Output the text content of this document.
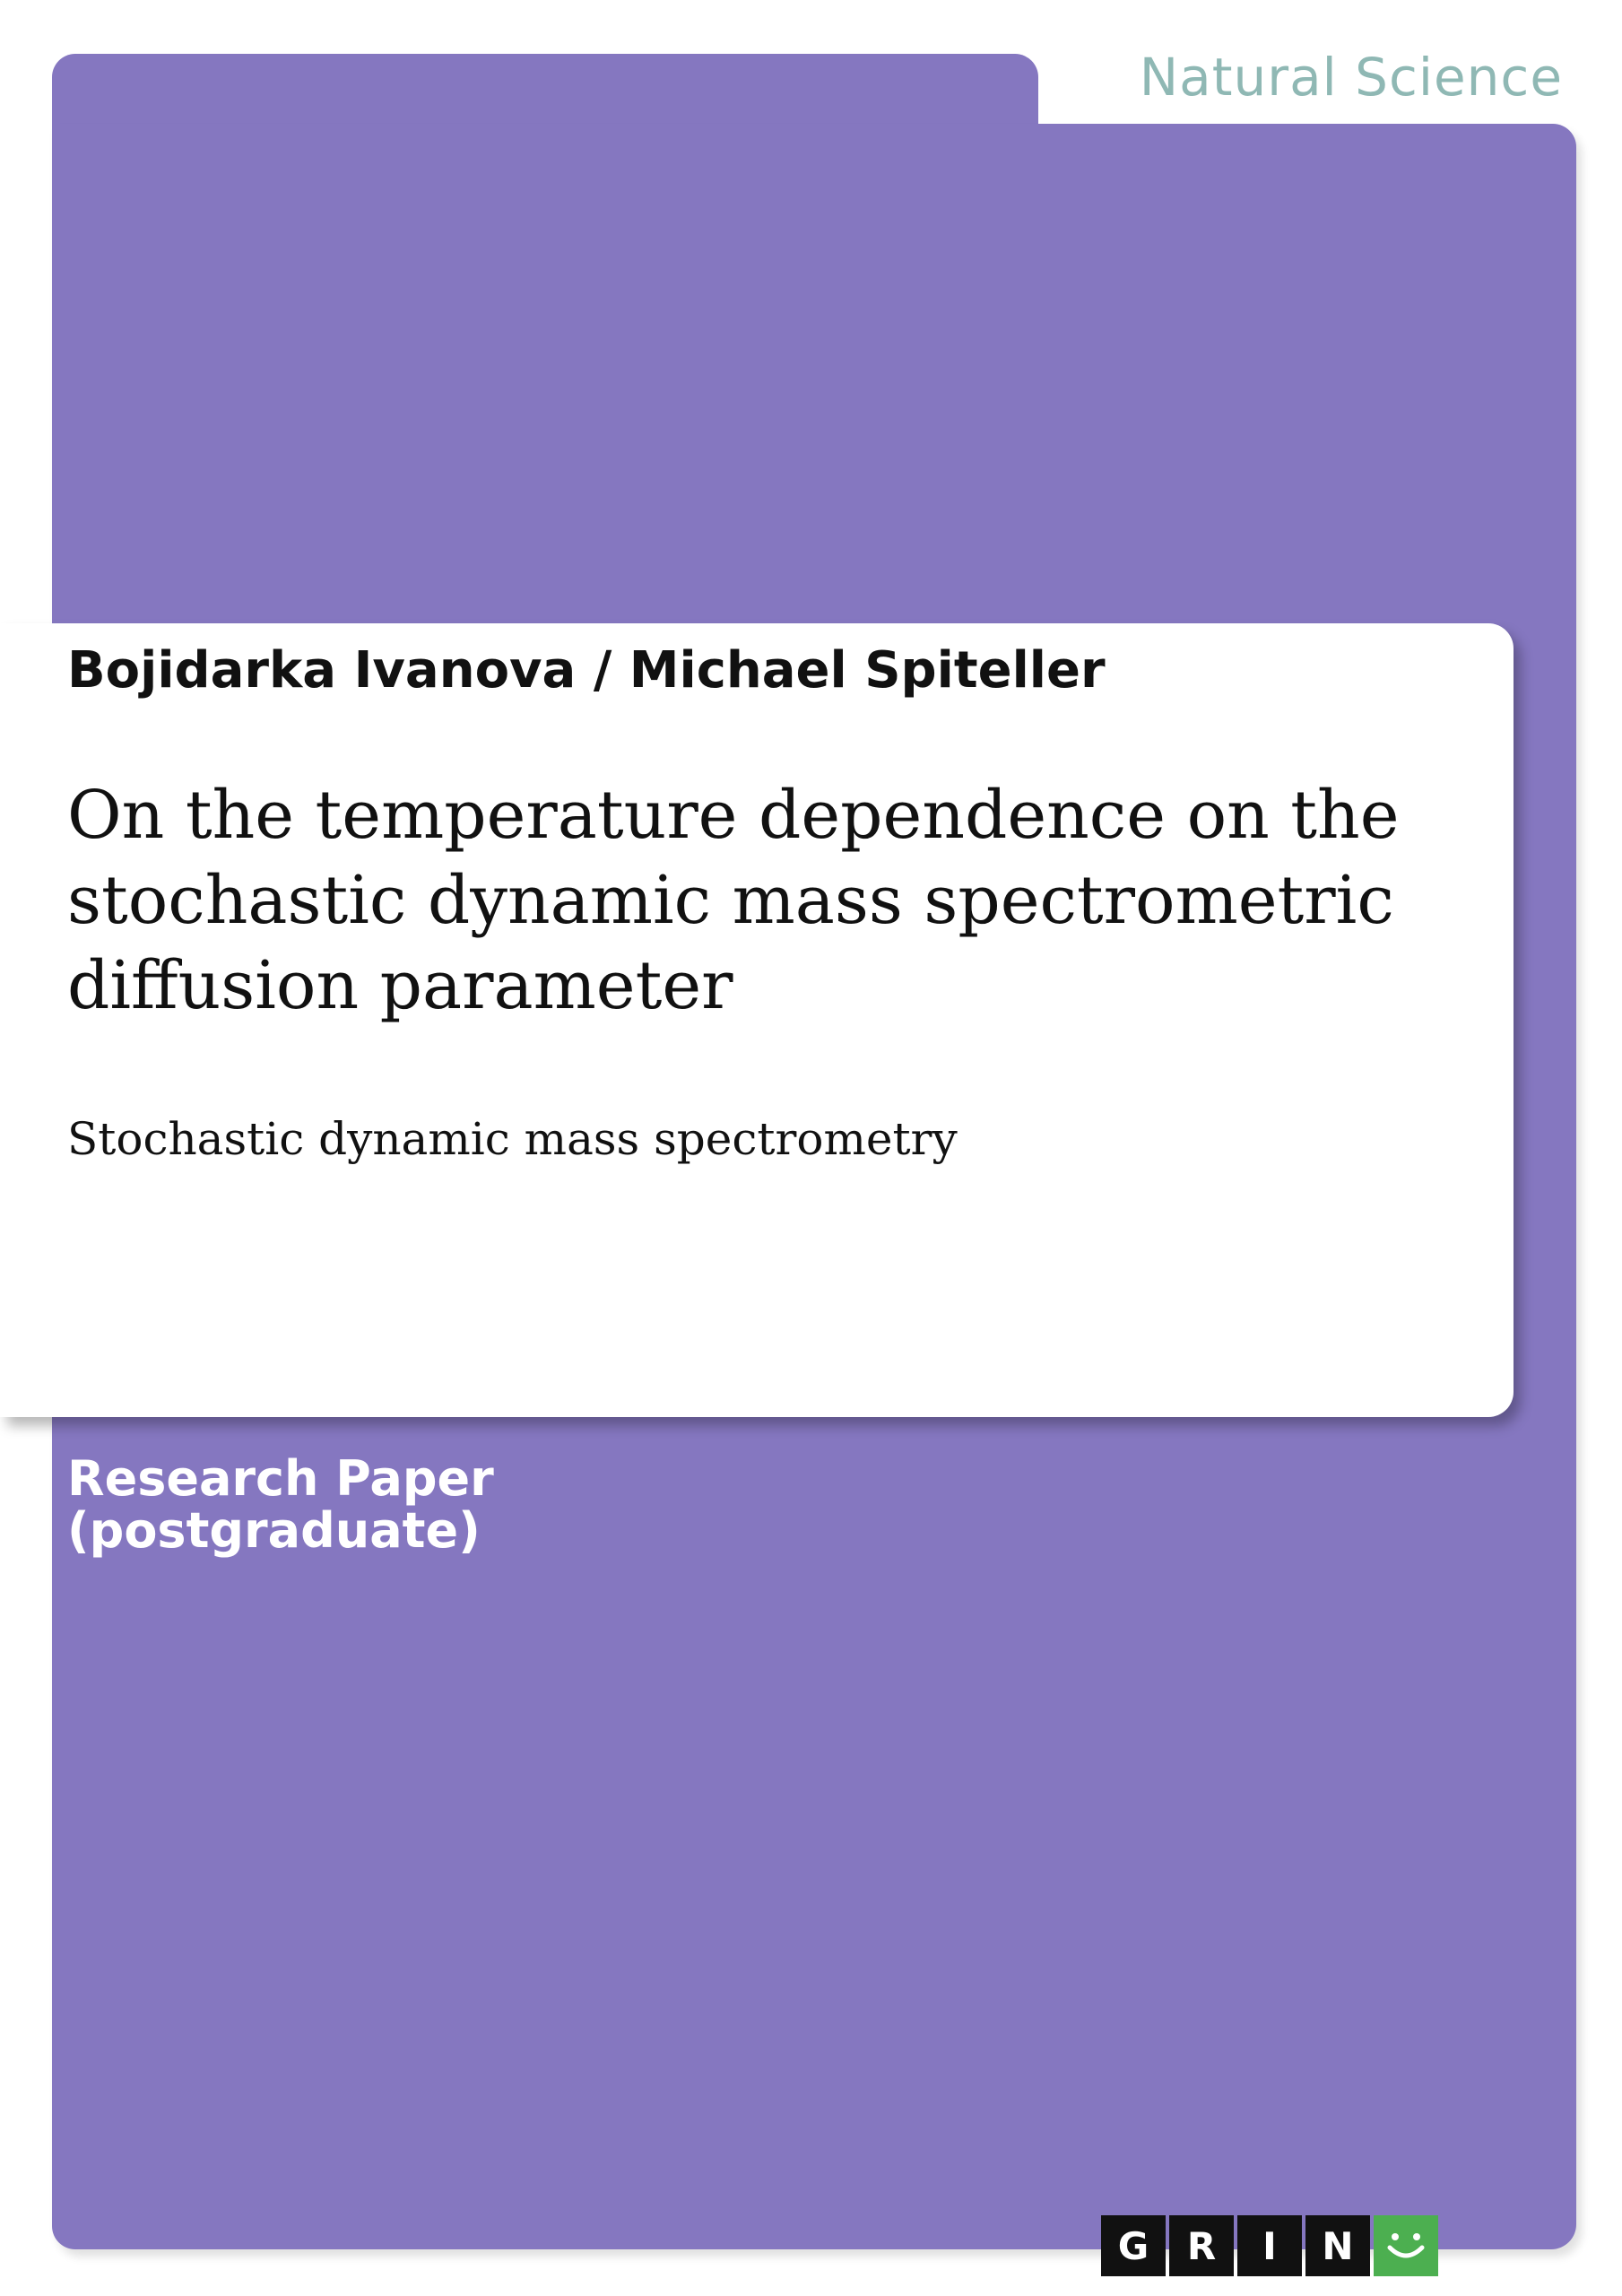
Natural Science
Bojidarka Ivanova / Michael Spiteller
On the temperature dependence on the stochastic dynamic mass spectrometric diffusion parameter
Stochastic dynamic mass spectrometry
Research Paper
(postgraduate)
G	R	I	N
